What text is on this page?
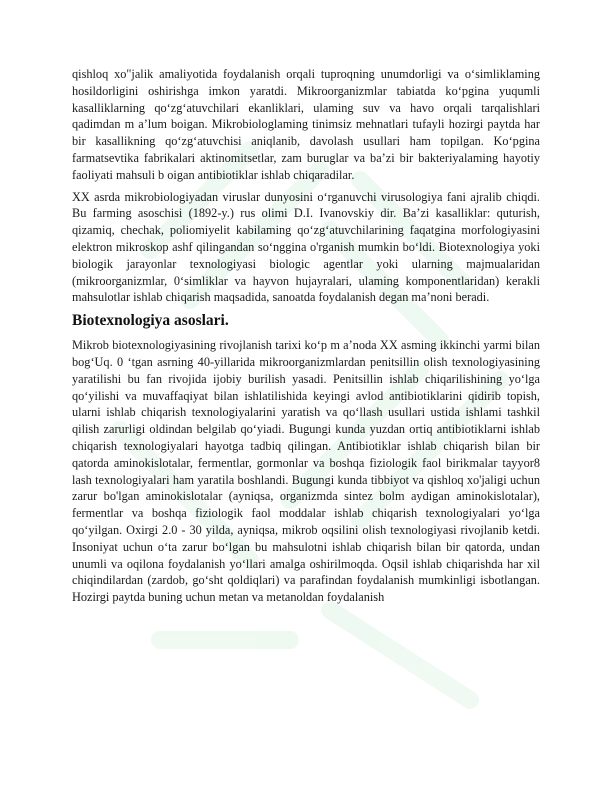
qishloq xo"jalik amaliyotida foydalanish orqali tuproqning unumdorligi va o‘simliklaming hosildorligini oshirishga imkon yaratdi. Mikroorganizmlar tabiatda ko‘pgina yuqumli kasalliklarning qo‘zg‘atuvchilari ekanliklari, ulaming suv va havo orqali tarqalishlari qadimdan m a’lum boigan. Mikrobiologlaming tinimsiz mehnatlari tufayli hozirgi paytda har bir kasallikning qo‘zg‘atuvchisi aniqlanib, davolash usullari ham topilgan. Ko‘pgina farmatsevtika fabrikalari aktinomitsetlar, zam buruglar va ba’zi bir bakteriyalaming hayotiy faoliyati mahsuli b oigan antibiotiklar ishlab chiqaradilar.

XX asrda mikrobiologiyadan viruslar dunyosini o‘rganuvchi virusologiya fani ajralib chiqdi. Bu farming asoschisi (1892-y.) rus olimi D.I. Ivanovskiy dir. Ba’zi kasalliklar: quturish, qizamiq, chechak, poliomiyelit kabilaming qo‘zg‘atuvchilarining faqatgina morfologiyasini elektron mikroskop ashf qilingandan so‘nggina o'rganish mumkin bo‘ldi. Biotexnologiya yoki biologik jarayonlar texnologiyasi biologic agentlar yoki ularning majmualaridan (mikroorganizmlar, 0‘simliklar va hayvon hujayralari, ulaming komponentlaridan) kerakli mahsulotlar ishlab chiqarish maqsadida, sanoatda foydalanish degan ma’noni beradi.

Biotexnologiya asoslari.

Mikrob biotexnologiyasining rivojlanish tarixi ko‘p m a’noda XX asming ikkinchi yarmi bilan bog‘Uq. 0 ‘tgan asrning 40-yillarida mikroorganizmlardan penitsillin olish texnologiyasining yaratilishi bu fan rivojida ijobiy burilish yasadi. Penitsillin ishlab chiqarilishining yo‘lga qo‘yilishi va muvaffaqiyat bilan ishlatilishida keyingi avlod antibiotiklarini qidirib topish, ularni ishlab chiqarish texnologiyalarini yaratish va qo‘llash usullari ustida ishlami tashkil qilish zarurligi oldindan belgilab qo‘yiadi. Bugungi kunda yuzdan ortiq antibiotiklarni ishlab chiqarish texnologiyalari hayotga tadbiq qilingan. Antibiotiklar ishlab chiqarish bilan bir qatorda aminokislotalar, fermentlar, gormonlar va boshqa fiziologik faol birikmalar tayyor8 lash texnologiyalari ham yaratila boshlandi. Bugungi kunda tibbiyot va qishloq xo'jaligi uchun zarur bo'lgan aminokislotalar (ayniqsa, organizmda sintez bolm aydigan aminokislotalar), fermentlar va boshqa fiziologik faol moddalar ishlab chiqarish texnologiyalari yo‘lga qo‘yilgan. Oxirgi 2.0 - 30 yilda, ayniqsa, mikrob oqsilini olish texnologiyasi rivojlanib ketdi. Insoniyat uchun o‘ta zarur bo‘lgan bu mahsulotni ishlab chiqarish bilan bir qatorda, undan unumli va oqilona foydalanish yo‘llari amalga oshirilmoqda. Oqsil ishlab chiqarishda har xil chiqindilardan (zardob, go‘sht qoldiqlari) va parafindan foydalanish mumkinligi isbotlangan. Hozirgi paytda buning uchun metan va metanoldan foydalanish
